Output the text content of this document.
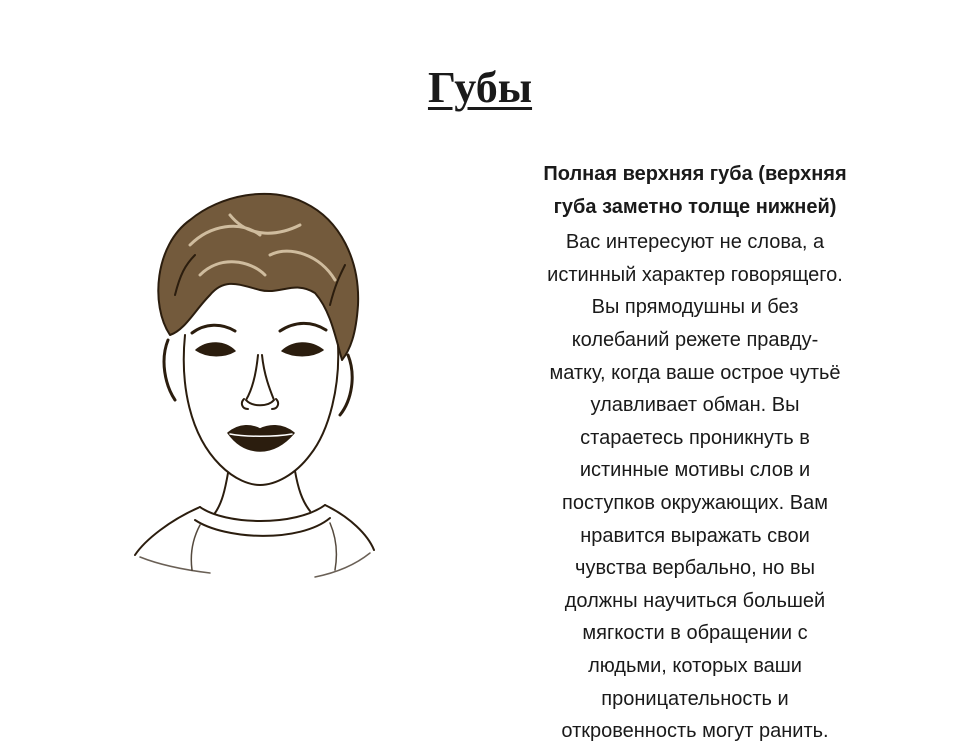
Губы

Полная верхняя губа (верхняя
губа заметно толще нижней)

Вас интересуют не слова, а
истинный характер говорящего.
Вы прямодушны и без
колебаний режете правду-
матку, когда ваше острое чутьё
улавливает обман. Вы
стараетесь проникнуть в
истинные мотивы слов и
поступков окружающих. Вам
нравится выражать свои
чувства вербально, но вы
должны научиться большей
мягкости в обращении с
людьми, которых ваши
проницательность и
откровенность могут ранить.
